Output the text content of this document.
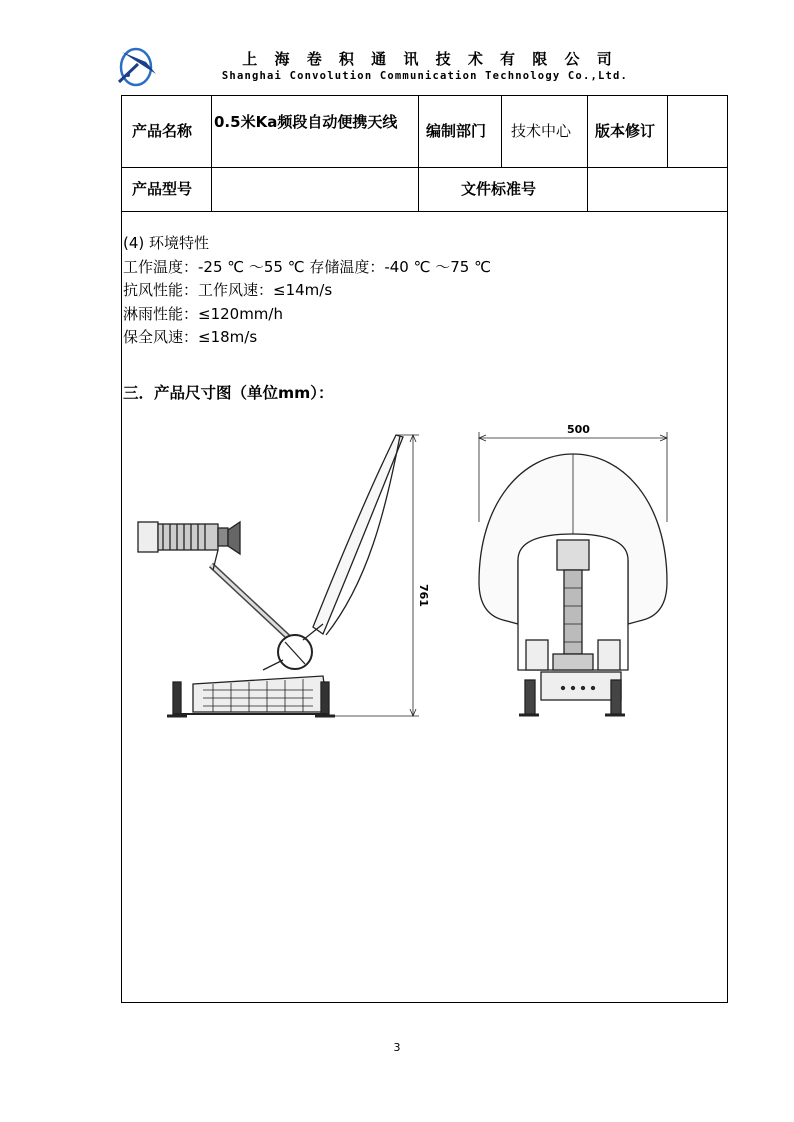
上 海 卷 积 通 讯 技 术 有 限 公 司
Shanghai Convolution Communication Technology Co.,Ltd.
产品名称 0.5米Ka频段自动便携天线 编制部门 技术中心 版本修订
产品型号	文件标准号
(4) 环境特性
工作温度：-25 ℃ ～55 ℃ 存储温度：-40 ℃ ～75 ℃
抗风性能：工作风速：≤14m/s
淋雨性能：≤120mm/h
保全风速：≤18m/s
三．产品尺寸图（单位mm）：
761
500
3
